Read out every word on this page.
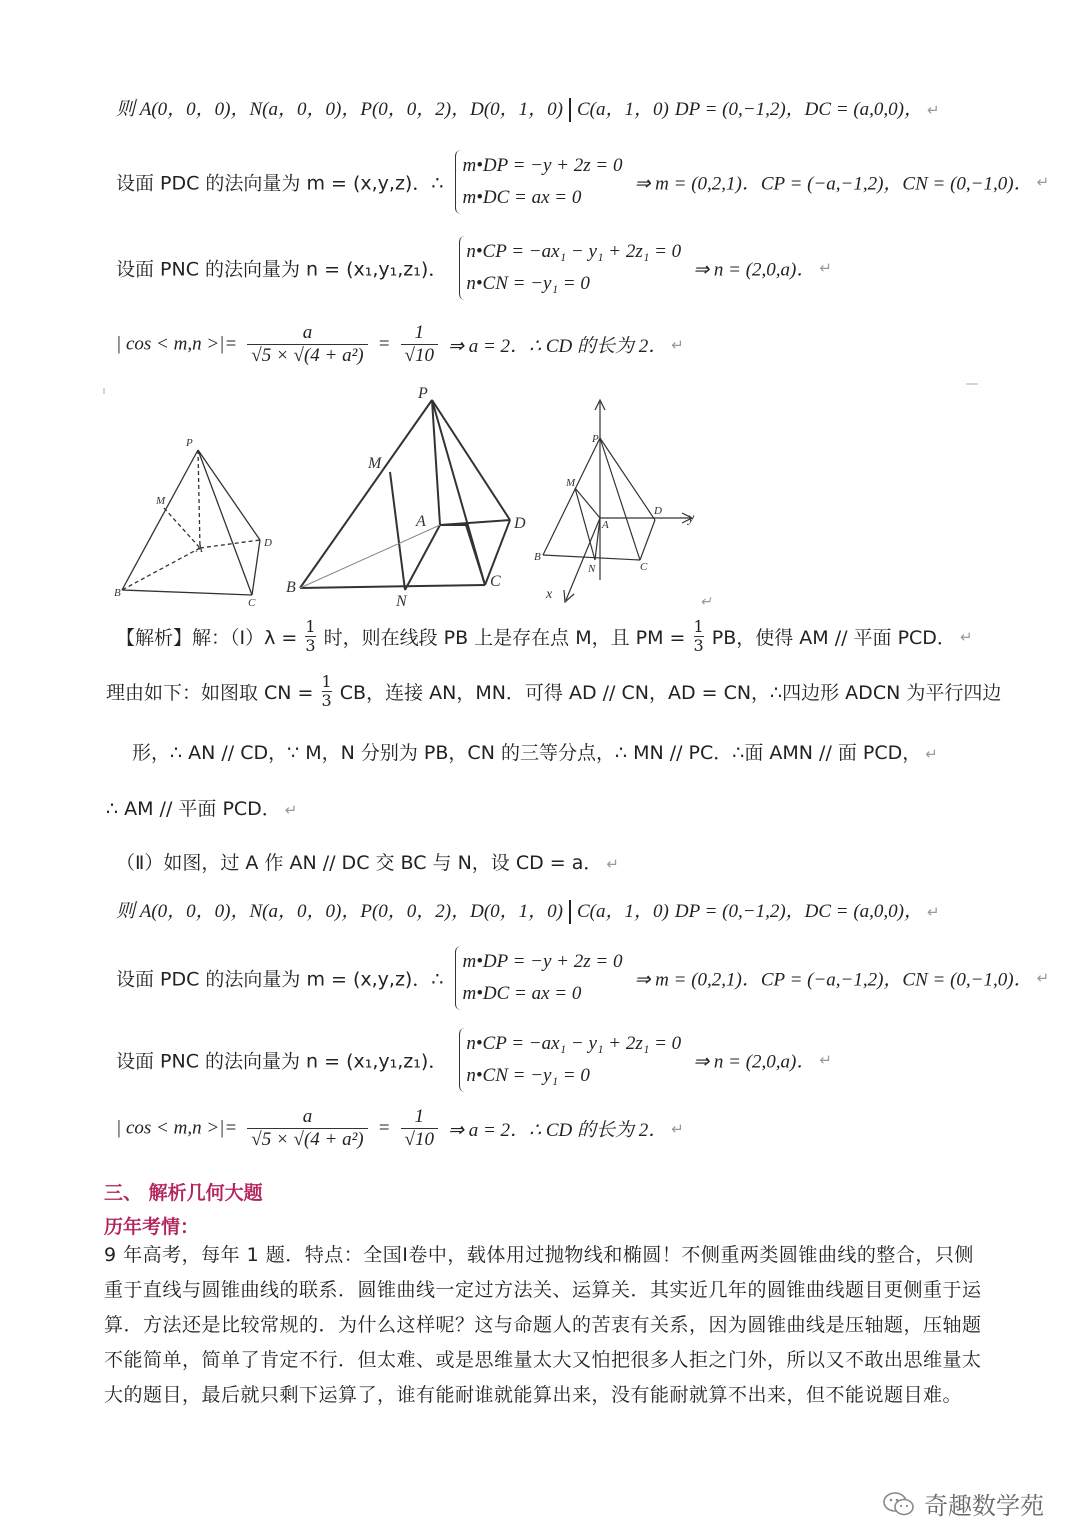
则 A(0，0，0)，N(a，0，0)，P(0，0，2)，D(0，1，0) C(a，1，0) DP = (0,−1,2)，DC = (a,0,0)， ↵
设面 PDC 的法向量为 m = (x,y,z)．∴
m•DP = −y + 2z = 0
m•DC = ax = 0
⇒ m = (0,2,1)．CP = (−a,−1,2)，CN = (0,−1,0)． ↵
设面 PNC 的法向量为 n = (x₁,y₁,z₁)．
n•CP = −ax₁ − y₁ + 2z₁ = 0
n•CN = −y₁ = 0
⇒ n = (2,0,a)． ↵
| cos < m,n >|= $\frac{a}{\text{√5 × √(4 + a²)}} = \frac{1}{√10}$ ⇒ a = 2．∴ CD 的长为 2． ↵
P
M
A	D
B
C
P
M
A	D
B
N
C
P
M
A
D y
N	C
B
x
↵
【解析】解：（Ⅰ）λ = $\frac{1}{3}$ 时，则在线段 PB 上是存在点 M，且 PM = $\frac{1}{3}$ PB，使得 AM // 平面 PCD． ↵
理由如下：如图取 CN = $\frac{1}{3}$ CB，连接 AN，MN．可得 AD // CN，AD = CN，∴四边形 ADCN 为平行四边
形，∴ AN // CD，∵ M，N 分别为 PB，CN 的三等分点，∴ MN // PC．∴面 AMN // 面 PCD， ↵
∴ AM // 平面 PCD． ↵
（Ⅱ）如图，过 A 作 AN // DC 交 BC 与 N，设 CD = a． ↵
则 A(0，0，0)，N(a，0，0)，P(0，0，2)，D(0，1，0) C(a，1，0) DP = (0,−1,2)，DC = (a,0,0)， ↵
设面 PDC 的法向量为 m = (x,y,z)．∴
m•DP = −y + 2z = 0
m•DC = ax = 0
⇒ m = (0,2,1)．CP = (−a,−1,2)，CN = (0,−1,0)． ↵
设面 PNC 的法向量为 n = (x₁,y₁,z₁)．
n•CP = −ax₁ − y₁ + 2z₁ = 0
n•CN = −y₁ = 0
⇒ n = (2,0,a)． ↵
| cos < m,n >|= $\frac{a}{\text{√5 × √(4 + a²)}} = \frac{1}{√10}$ ⇒ a = 2．∴ CD 的长为 2． ↵
三、 解析几何大题
历年考情：
9 年高考，每年 1 题．特点：全国Ⅰ卷中，载体用过抛物线和椭圆！不侧重两类圆锥曲线的整合，只侧重于直线与圆锥曲线的联系．圆锥曲线一定过方法关、运算关．其实近几年的圆锥曲线题目更侧重于运算．方法还是比较常规的．为什么这样呢？这与命题人的苦衷有关系，因为圆锥曲线是压轴题，压轴题不能简单，简单了肯定不行．但太难、或是思维量太大又怕把很多人拒之门外，所以又不敢出思维量太大的题目，最后就只剩下运算了，谁有能耐谁就能算出来，没有能耐就算不出来，但不能说题目难。
奇趣数学苑
